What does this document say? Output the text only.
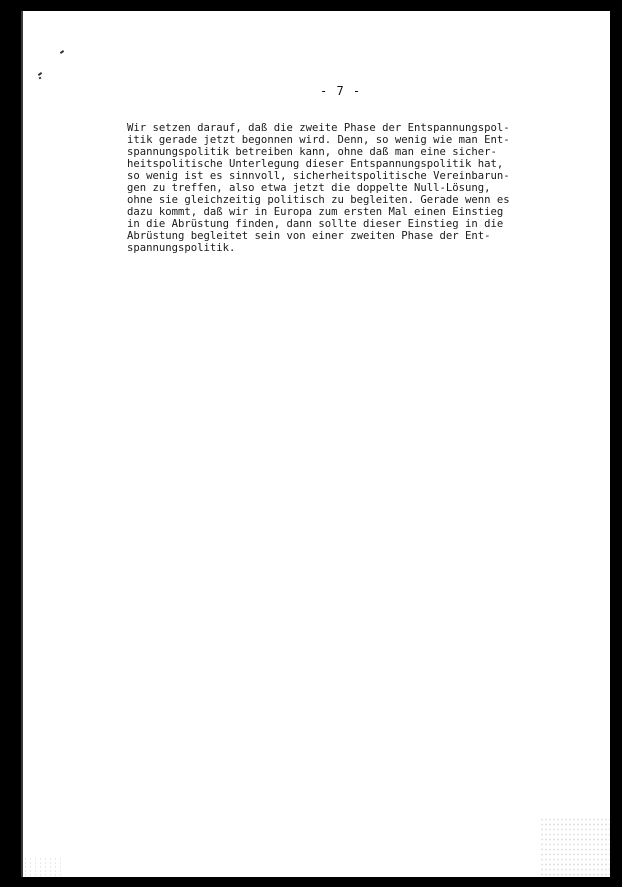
- 7 -

Wir setzen darauf, daß die zweite Phase der Entspannungspol-
itik gerade jetzt begonnen wird. Denn, so wenig wie man Ent-
spannungspolitik betreiben kann, ohne daß man eine sicher-
heitspolitische Unterlegung dieser Entspannungspolitik hat,
so wenig ist es sinnvoll, sicherheitspolitische Vereinbarun-
gen zu treffen, also etwa jetzt die doppelte Null-Lösung,
ohne sie gleichzeitig politisch zu begleiten. Gerade wenn es
dazu kommt, daß wir in Europa zum ersten Mal einen Einstieg
in die Abrüstung finden, dann sollte dieser Einstieg in die
Abrüstung begleitet sein von einer zweiten Phase der Ent-
spannungspolitik.
